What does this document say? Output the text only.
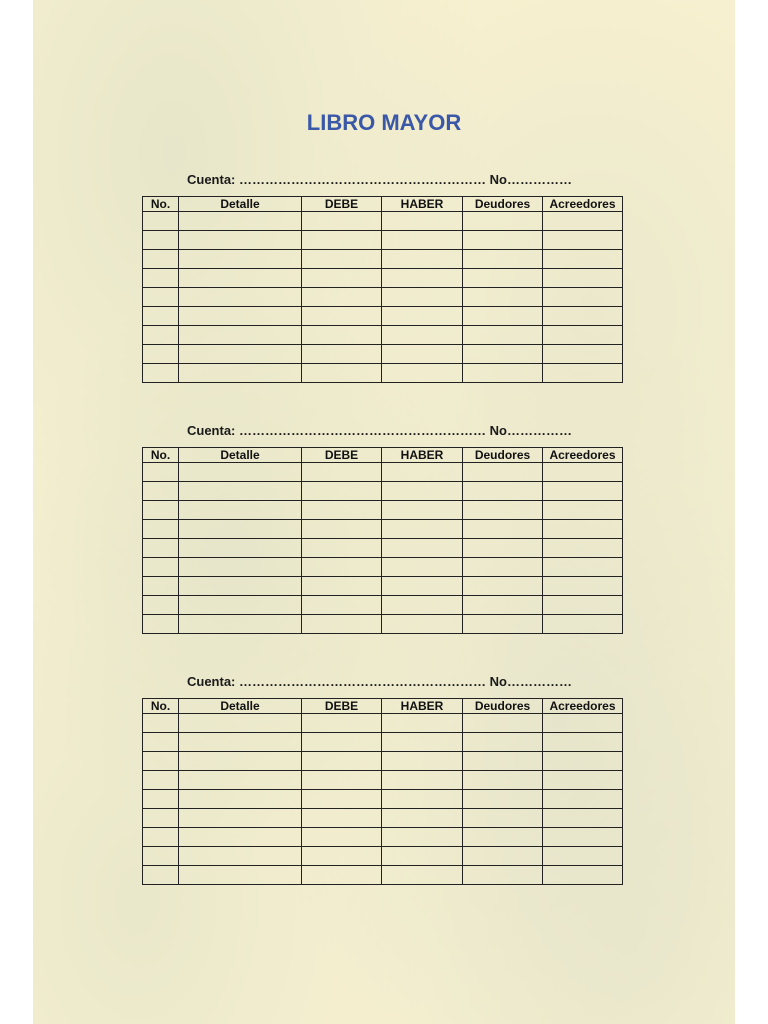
LIBRO MAYOR
Cuenta: ………………………………………………… No……………
No.	Detalle	DEBE	HABER	Deudores	Acreedores

Cuenta: ………………………………………………… No……………
No.	Detalle	DEBE	HABER	Deudores	Acreedores

Cuenta: ………………………………………………… No……………
No.	Detalle	DEBE	HABER	Deudores	Acreedores
